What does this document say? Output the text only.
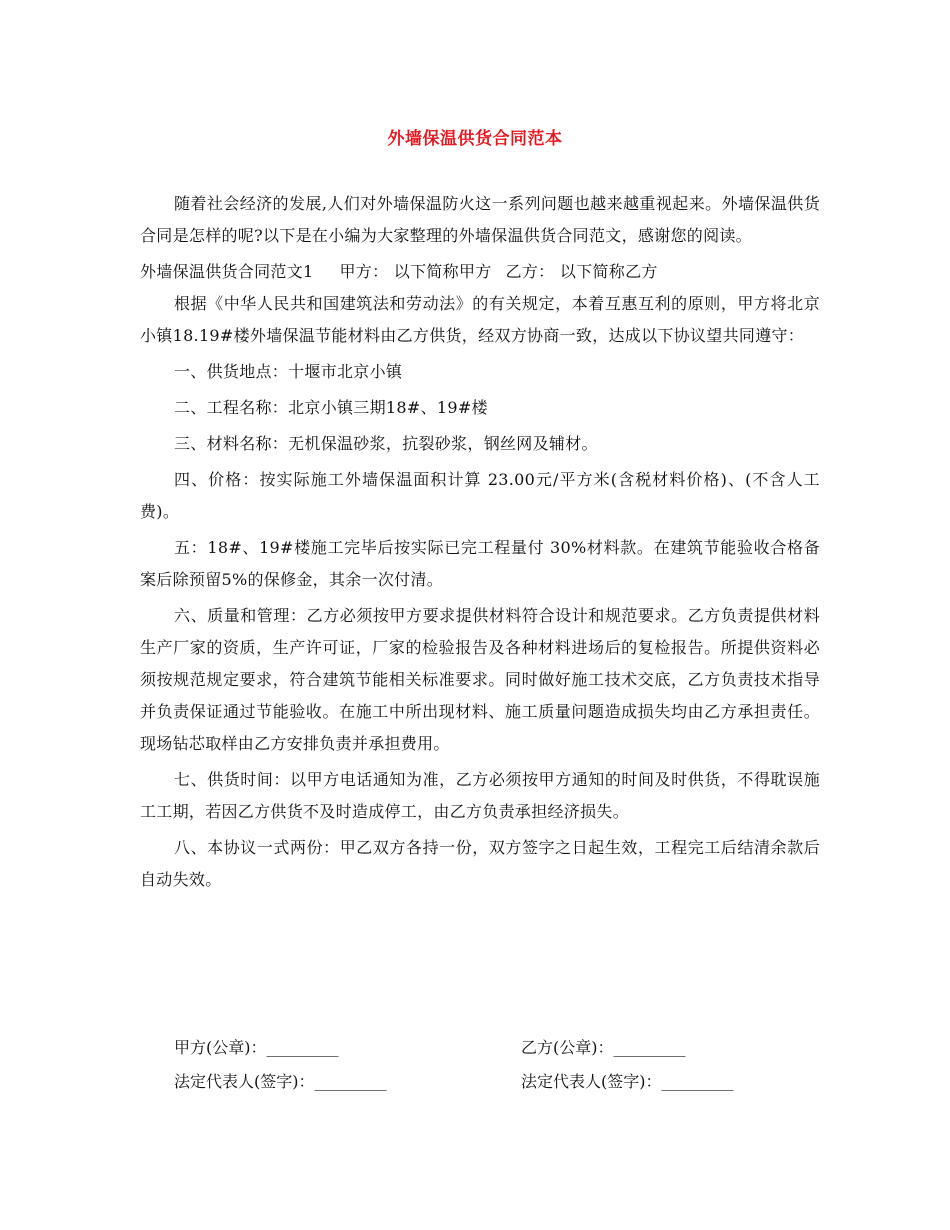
外墙保温供货合同范本

随着社会经济的发展,人们对外墙保温防火这一系列问题也越来越重视起来。外墙保温供货合同是怎样的呢?以下是在小编为大家整理的外墙保温供货合同范文，感谢您的阅读。

外墙保温供货合同范文1 甲方： 以下简称甲方 乙方： 以下简称乙方

根据《中华人民共和国建筑法和劳动法》的有关规定，本着互惠互利的原则，甲方将北京小镇18.19#楼外墙保温节能材料由乙方供货，经双方协商一致，达成以下协议望共同遵守：

一、供货地点：十堰市北京小镇

二、工程名称：北京小镇三期18#、19#楼

三、材料名称：无机保温砂浆，抗裂砂浆，钢丝网及辅材。

四、价格：按实际施工外墙保温面积计算 23.00元/平方米(含税材料价格)、(不含人工费)。

五：18#、19#楼施工完毕后按实际已完工程量付 30%材料款。在建筑节能验收合格备案后除预留5%的保修金，其余一次付清。

六、质量和管理：乙方必须按甲方要求提供材料符合设计和规范要求。乙方负责提供材料生产厂家的资质，生产许可证，厂家的检验报告及各种材料进场后的复检报告。所提供资料必须按规范规定要求，符合建筑节能相关标准要求。同时做好施工技术交底，乙方负责技术指导并负责保证通过节能验收。在施工中所出现材料、施工质量问题造成损失均由乙方承担责任。现场钻芯取样由乙方安排负责并承担费用。

七、供货时间：以甲方电话通知为准，乙方必须按甲方通知的时间及时供货，不得耽误施工工期，若因乙方供货不及时造成停工，由乙方负责承担经济损失。

八、本协议一式两份：甲乙双方各持一份，双方签字之日起生效，工程完工后结清余款后自动失效。

甲方(公章)：_________	乙方(公章)：_________
法定代表人(签字)：_________	法定代表人(签字)：_________
